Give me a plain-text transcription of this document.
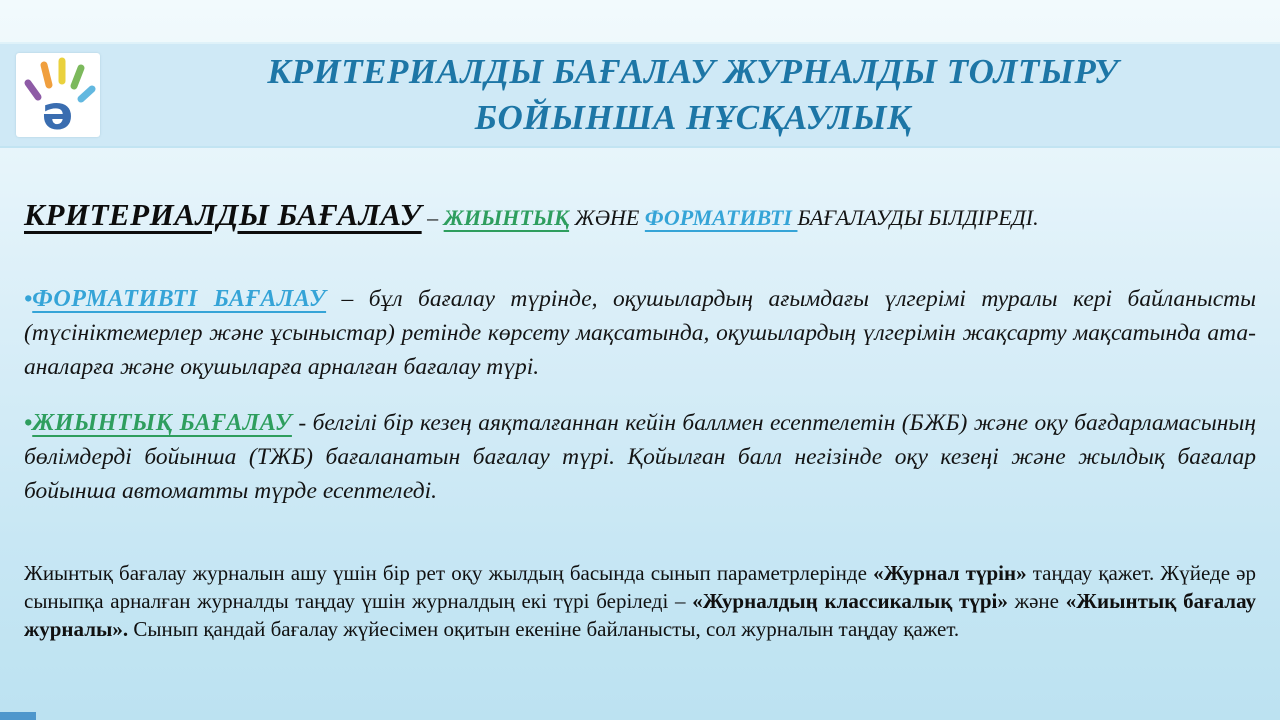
ә
КРИТЕРИАЛДЫ БАҒАЛАУ ЖУРНАЛДЫ ТОЛТЫРУ
БОЙЫНША НҰСҚАУЛЫҚ
КРИТЕРИАЛДЫ БАҒАЛАУ – ЖИЫНТЫҚ ЖӘНЕ ФОРМАТИВТІ БАҒАЛАУДЫ БІЛДІРЕДІ.

•ФОРМАТИВТІ БАҒАЛАУ – бұл бағалау түрінде, оқушылардың ағымдағы үлгерімі туралы кері байланысты (түсініктемерлер және ұсыныстар) ретінде көрсету мақсатында, оқушылардың үлгерімін жақсарту мақсатында ата-аналарға және оқушыларға арналған бағалау түрі.

•ЖИЫНТЫҚ БАҒАЛАУ - белгілі бір кезең аяқталғаннан кейін баллмен есептелетін (БЖБ) және оқу бағдарламасының бөлімдерді бойынша (ТЖБ) бағаланатын бағалау түрі. Қойылған балл негізінде оқу кезеңі және жылдық бағалар бойынша автоматты түрде есептеледі.

Жиынтық бағалау журналын ашу үшін бір рет оқу жылдың басында сынып параметрлерінде «Журнал түрін» таңдау қажет. Жүйеде әр сыныпқа арналған журналды таңдау үшін журналдың екі түрі беріледі – «Журналдың классикалық түрі» және «Жиынтық бағалау журналы». Сынып қандай бағалау жүйесімен оқитын екеніне байланысты, сол журналын таңдау қажет.
